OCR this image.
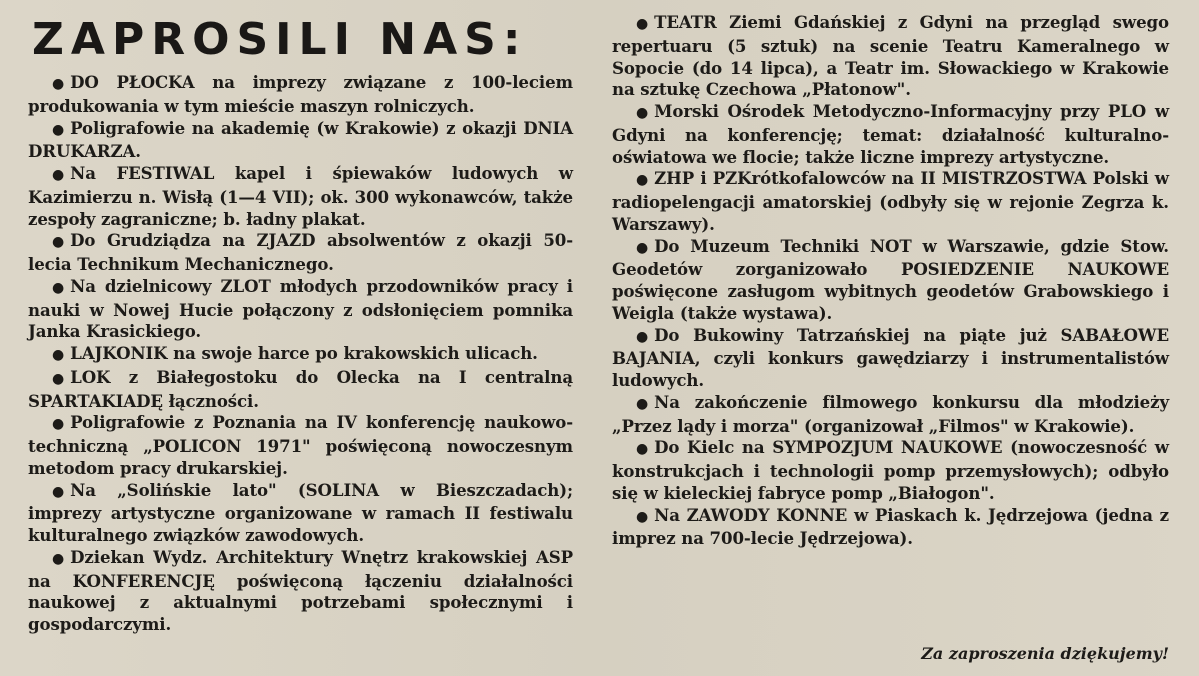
ZAPROSILI NAS:

● DO PŁOCKA na imprezy związane z 100-leciem produkowania w tym mieście maszyn rolniczych.

● Poligrafowie na akademię (w Krakowie) z okazji DNIA DRUKARZA.

● Na FESTIWAL kapel i śpiewaków ludowych w Kazimierzu n. Wisłą (1—4 VII); ok. 300 wykonawców, także zespoły zagraniczne; b. ładny plakat.

● Do Grudziądza na ZJAZD absolwentów z okazji 50-lecia Technikum Mechanicznego.

● Na dzielnicowy ZLOT młodych przodowników pracy i nauki w Nowej Hucie połączony z odsłonięciem pomnika Janka Krasickiego.

● LAJKONIK na swoje harce po krakowskich ulicach.

● LOK z Białegostoku do Olecka na I centralną SPARTAKIADĘ łączności.

● Poligrafowie z Poznania na IV konferencję naukowo-techniczną „POLICON 1971" poświęconą nowoczesnym metodom pracy drukarskiej.

● Na „Solińskie lato" (SOLINA w Bieszczadach); imprezy artystyczne organizowane w ramach II festiwalu kulturalnego związków zawodowych.

● Dziekan Wydz. Architektury Wnętrz krakowskiej ASP na KONFERENCJĘ poświęconą łączeniu działalności naukowej z aktualnymi potrzebami społecznymi i gospodarczymi.

● TEATR Ziemi Gdańskiej z Gdyni na przegląd swego repertuaru (5 sztuk) na scenie Teatru Kameralnego w Sopocie (do 14 lipca), a Teatr im. Słowackiego w Krakowie na sztukę Czechowa „Płatonow".

● Morski Ośrodek Metodyczno-Informacyjny przy PLO w Gdyni na konferencję; temat: działalność kulturalno-oświatowa we flocie; także liczne imprezy artystyczne.

● ZHP i PZKrótkofalowców na II MISTRZOSTWA Polski w radiopelengacji amatorskiej (odbyły się w rejonie Zegrza k. Warszawy).

● Do Muzeum Techniki NOT w Warszawie, gdzie Stow. Geodetów zorganizowało POSIEDZENIE NAUKOWE poświęcone zasługom wybitnych geodetów Grabowskiego i Weigla (także wystawa).

● Do Bukowiny Tatrzańskiej na piąte już SABAŁOWE BAJANIA, czyli konkurs gawędziarzy i instrumentalistów ludowych.

● Na zakończenie filmowego konkursu dla młodzieży „Przez lądy i morza" (organizował „Filmos" w Krakowie).

● Do Kielc na SYMPOZJUM NAUKOWE (nowoczesność w konstrukcjach i technologii pomp przemysłowych); odbyło się w kieleckiej fabryce pomp „Białogon".

● Na ZAWODY KONNE w Piaskach k. Jędrzejowa (jedna z imprez na 700-lecie Jędrzejowa).

Za zaproszenia dziękujemy!
